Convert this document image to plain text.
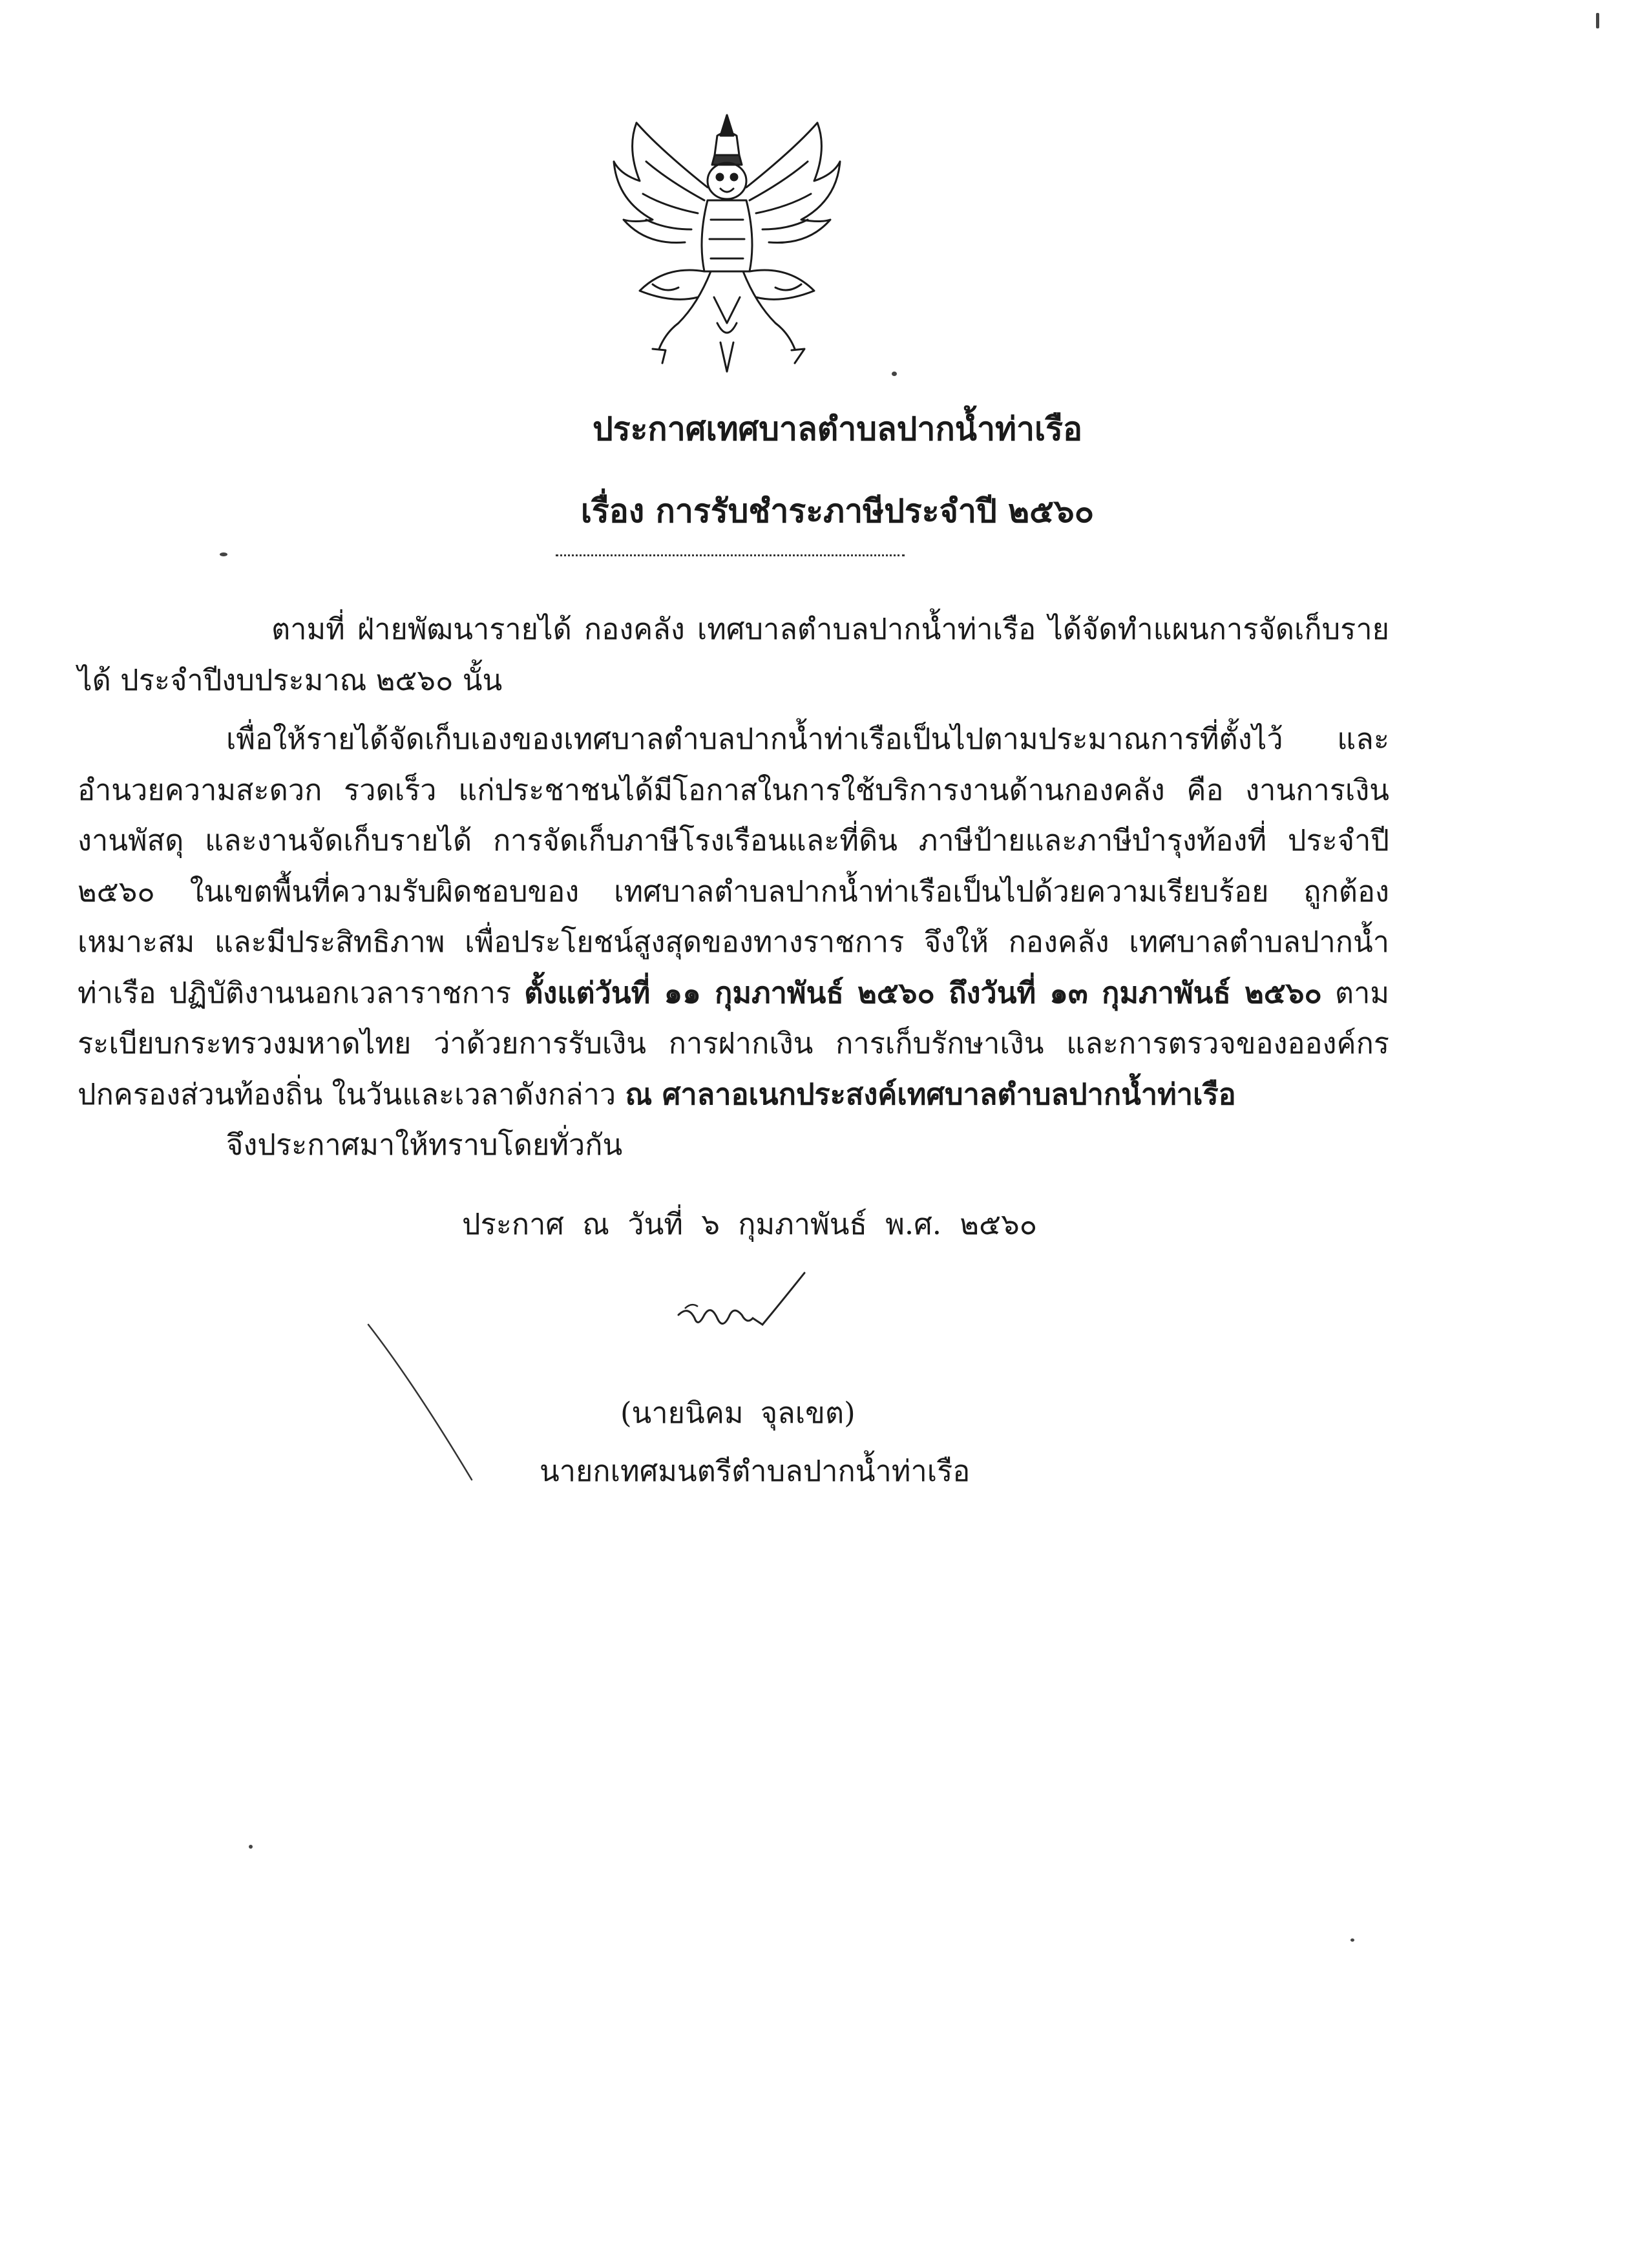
ประกาศเทศบาลตำบลปากน้ำท่าเรือ
เรื่อง การรับชำระภาษีประจำปี ๒๕๖๐
ตามที่ ฝ่ายพัฒนารายได้ กองคลัง เทศบาลตำบลปากน้ำท่าเรือ ได้จัดทำแผนการจัดเก็บรายได้ ประจำปีงบประมาณ ๒๕๖๐ นั้น
เพื่อให้รายได้จัดเก็บเองของเทศบาลตำบลปากน้ำท่าเรือเป็นไปตามประมาณการที่ตั้งไว้ และอำนวยความสะดวก รวดเร็ว แก่ประชาชนได้มีโอกาสในการใช้บริการงานด้านกองคลัง คือ งานการเงิน งานพัสดุ และงานจัดเก็บรายได้ การจัดเก็บภาษีโรงเรือนและที่ดิน ภาษีป้ายและภาษีบำรุงท้องที่ ประจำปี ๒๕๖๐ ในเขตพื้นที่ความรับผิดชอบของ เทศบาลตำบลปากน้ำท่าเรือเป็นไปด้วยความเรียบร้อย ถูกต้อง เหมาะสม และมีประสิทธิภาพ เพื่อประโยชน์สูงสุดของทางราชการ จึงให้ กองคลัง เทศบาลตำบลปากน้ำท่าเรือ ปฏิบัติงานนอกเวลาราชการ ตั้งแต่วันที่ ๑๑ กุมภาพันธ์ ๒๕๖๐ ถึงวันที่ ๑๓ กุมภาพันธ์ ๒๕๖๐ ตามระเบียบกระทรวงมหาดไทย ว่าด้วยการรับเงิน การฝากเงิน การเก็บรักษาเงิน และการตรวจของอองค์กรปกครองส่วนท้องถิ่น ในวันและเวลาดังกล่าว ณ ศาลาอเนกประสงค์เทศบาลตำบลปากน้ำท่าเรือ
จึงประกาศมาให้ทราบโดยทั่วกัน
ประกาศ ณ วันที่ ๖ กุมภาพันธ์ พ.ศ. ๒๕๖๐
(นายนิคม จุลเขต)
นายกเทศมนตรีตำบลปากน้ำท่าเรือ
